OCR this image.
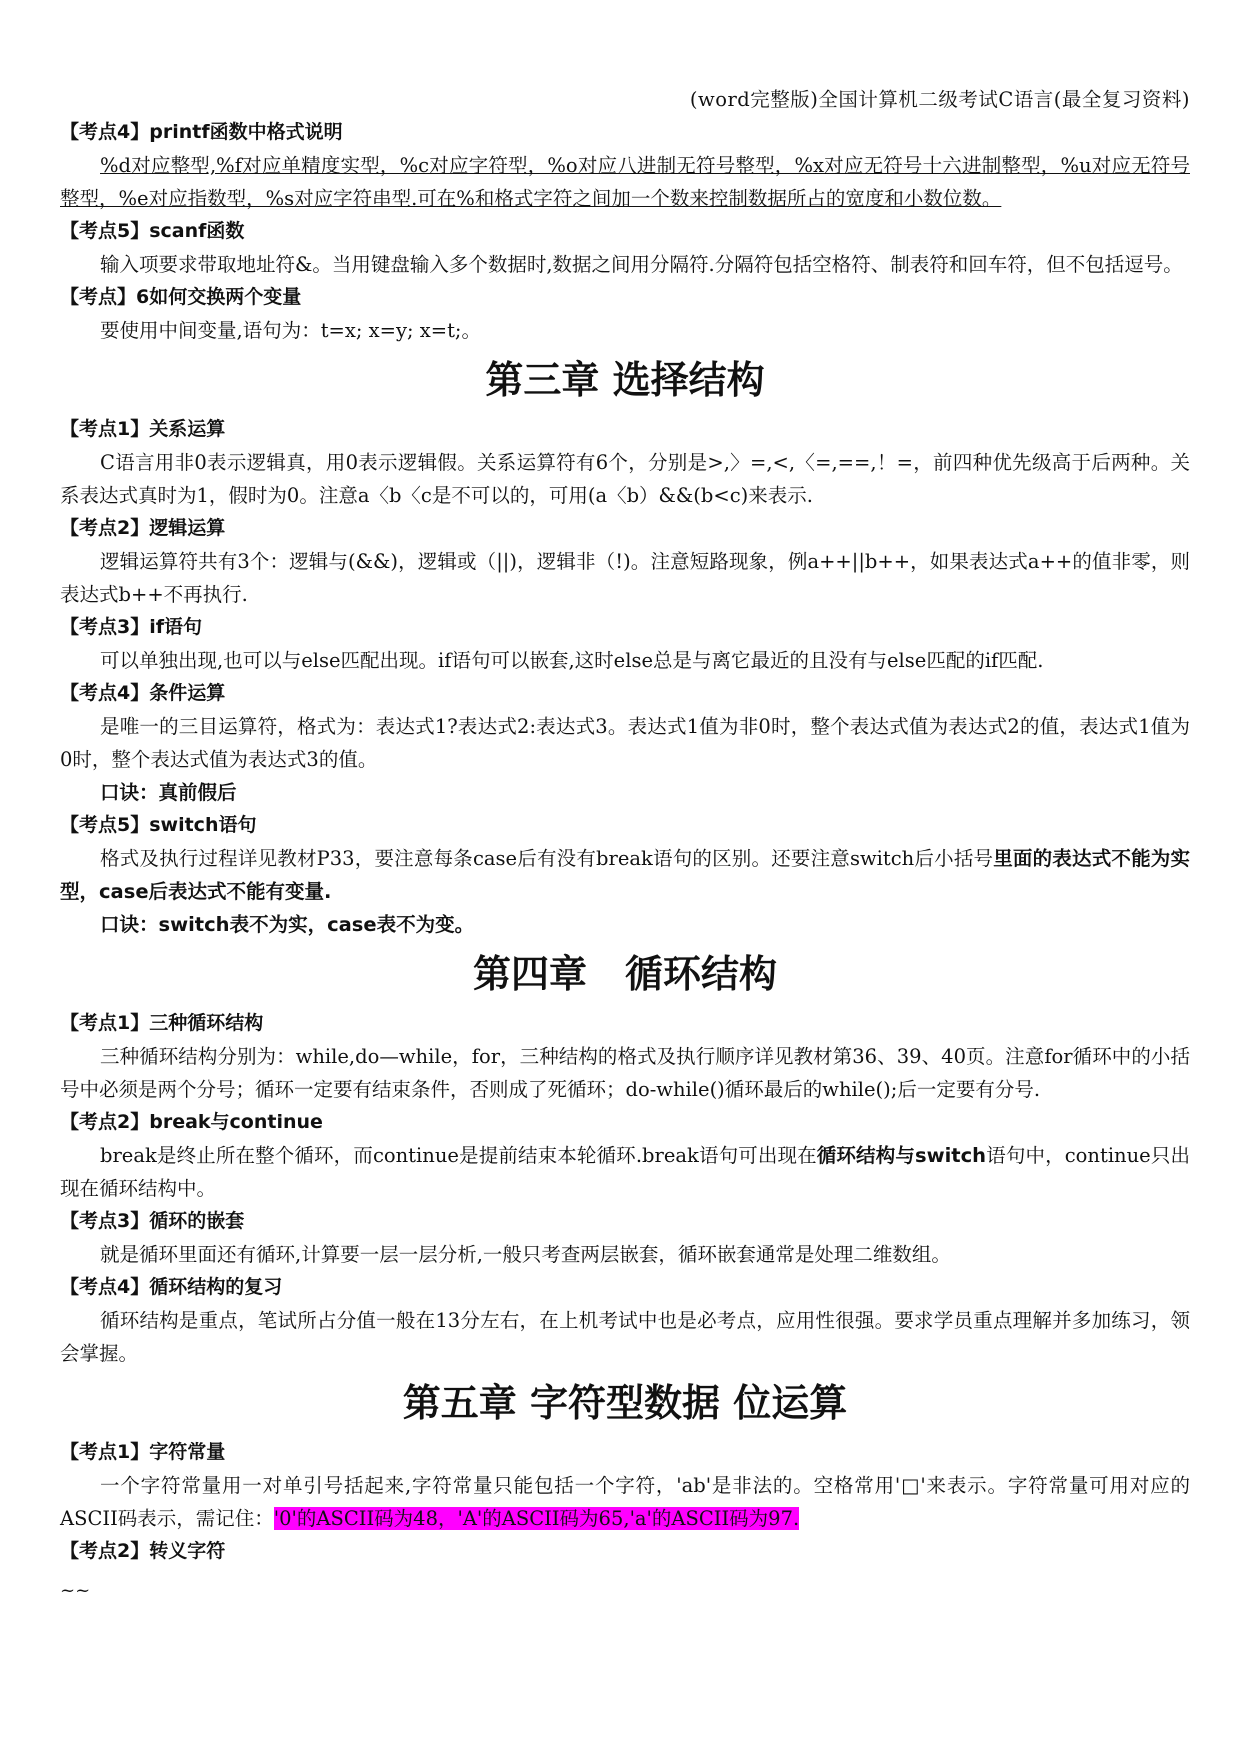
(word完整版)全国计算机二级考试C语言(最全复习资料)
【考点4】printf函数中格式说明
%d对应整型,%f对应单精度实型，%c对应字符型，%o对应八进制无符号整型，%x对应无符号十六进制整型，%u对应无符号整型，%e对应指数型，%s对应字符串型.可在%和格式字符之间加一个数来控制数据所占的宽度和小数位数。
【考点5】scanf函数
输入项要求带取地址符&。当用键盘输入多个数据时,数据之间用分隔符.分隔符包括空格符、制表符和回车符，但不包括逗号。
【考点】6如何交换两个变量
要使用中间变量,语句为：t=x; x=y; x=t;。
第三章 选择结构
【考点1】关系运算
C语言用非0表示逻辑真，用0表示逻辑假。关系运算符有6个，分别是>,〉=,<,〈=,==,！=，前四种优先级高于后两种。关系表达式真时为1，假时为0。注意a〈b〈c是不可以的，可用(a〈b）&&(b<c)来表示.
【考点2】逻辑运算
逻辑运算符共有3个：逻辑与(&&)，逻辑或（||)，逻辑非（!)。注意短路现象，例a++||b++，如果表达式a++的值非零，则表达式b++不再执行.
【考点3】if语句
可以单独出现,也可以与else匹配出现。if语句可以嵌套,这时else总是与离它最近的且没有与else匹配的if匹配.
【考点4】条件运算
是唯一的三目运算符，格式为：表达式1?表达式2:表达式3。表达式1值为非0时，整个表达式值为表达式2的值，表达式1值为0时，整个表达式值为表达式3的值。
口诀：真前假后
【考点5】switch语句
格式及执行过程详见教材P33，要注意每条case后有没有break语句的区别。还要注意switch后小括号里面的表达式不能为实型，case后表达式不能有变量.
口诀：switch表不为实，case表不为变。
第四章　循环结构
【考点1】三种循环结构
三种循环结构分别为：while,do—while，for，三种结构的格式及执行顺序详见教材第36、39、40页。注意for循环中的小括号中必须是两个分号；循环一定要有结束条件，否则成了死循环；do-while()循环最后的while();后一定要有分号.
【考点2】break与continue
break是终止所在整个循环，而continue是提前结束本轮循环.break语句可出现在循环结构与switch语句中，continue只出现在循环结构中。
【考点3】循环的嵌套
就是循环里面还有循环,计算要一层一层分析,一般只考查两层嵌套，循环嵌套通常是处理二维数组。
【考点4】循环结构的复习
循环结构是重点，笔试所占分值一般在13分左右，在上机考试中也是必考点，应用性很强。要求学员重点理解并多加练习，领会掌握。
第五章 字符型数据 位运算
【考点1】字符常量
一个字符常量用一对单引号括起来,字符常量只能包括一个字符，'ab'是非法的。空格常用'□'来表示。字符常量可用对应的ASCII码表示，需记住：'0'的ASCII码为48，'A'的ASCII码为65,'a'的ASCII码为97.
【考点2】转义字符
~~
